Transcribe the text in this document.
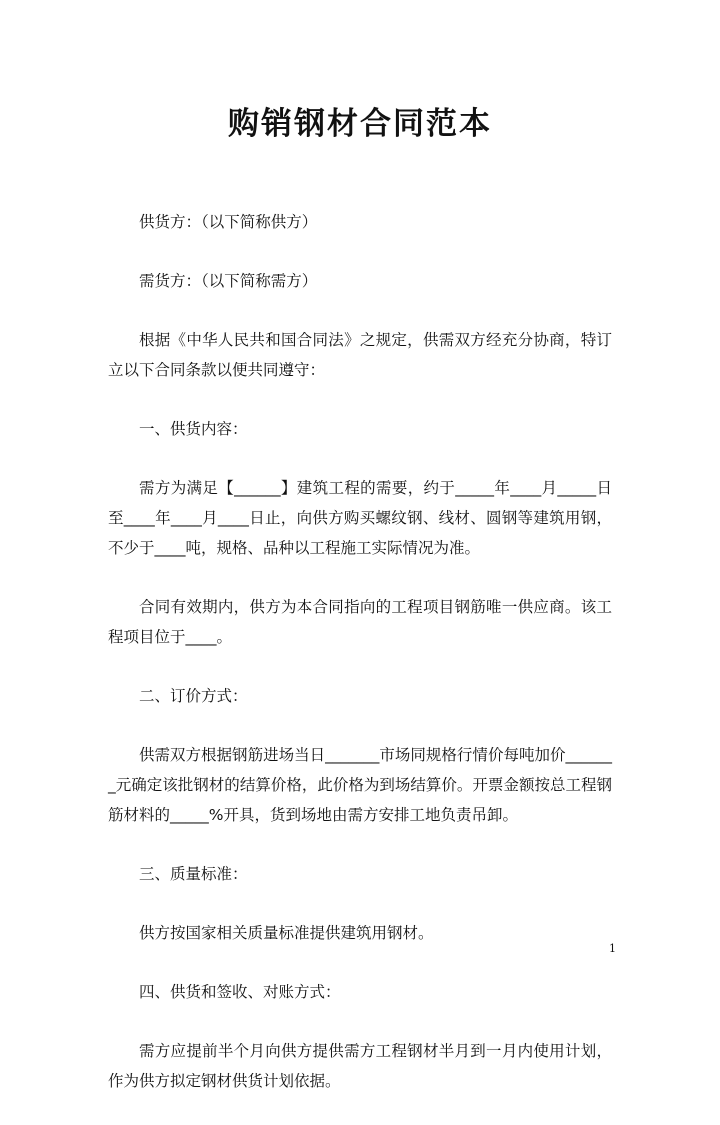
购销钢材合同范本

供货方：（以下简称供方）

需货方：（以下简称需方）

根据《中华人民共和国合同法》之规定，供需双方经充分协商，特订立以下合同条款以便共同遵守：

一、供货内容：

需方为满足【______】建筑工程的需要，约于_____年____月_____日至____年____月____日止，向供方购买螺纹钢、线材、圆钢等建筑用钢，不少于____吨，规格、品种以工程施工实际情况为准。

合同有效期内，供方为本合同指向的工程项目钢筋唯一供应商。该工程项目位于____。

二、订价方式：

供需双方根据钢筋进场当日_______市场同规格行情价每吨加价_______元确定该批钢材的结算价格，此价格为到场结算价。开票金额按总工程钢筋材料的_____%开具，货到场地由需方安排工地负责吊卸。

三、质量标准：

供方按国家相关质量标准提供建筑用钢材。

四、供货和签收、对账方式：

需方应提前半个月向供方提供需方工程钢材半月到一月内使用计划，作为供方拟定钢材供货计划依据。

1
